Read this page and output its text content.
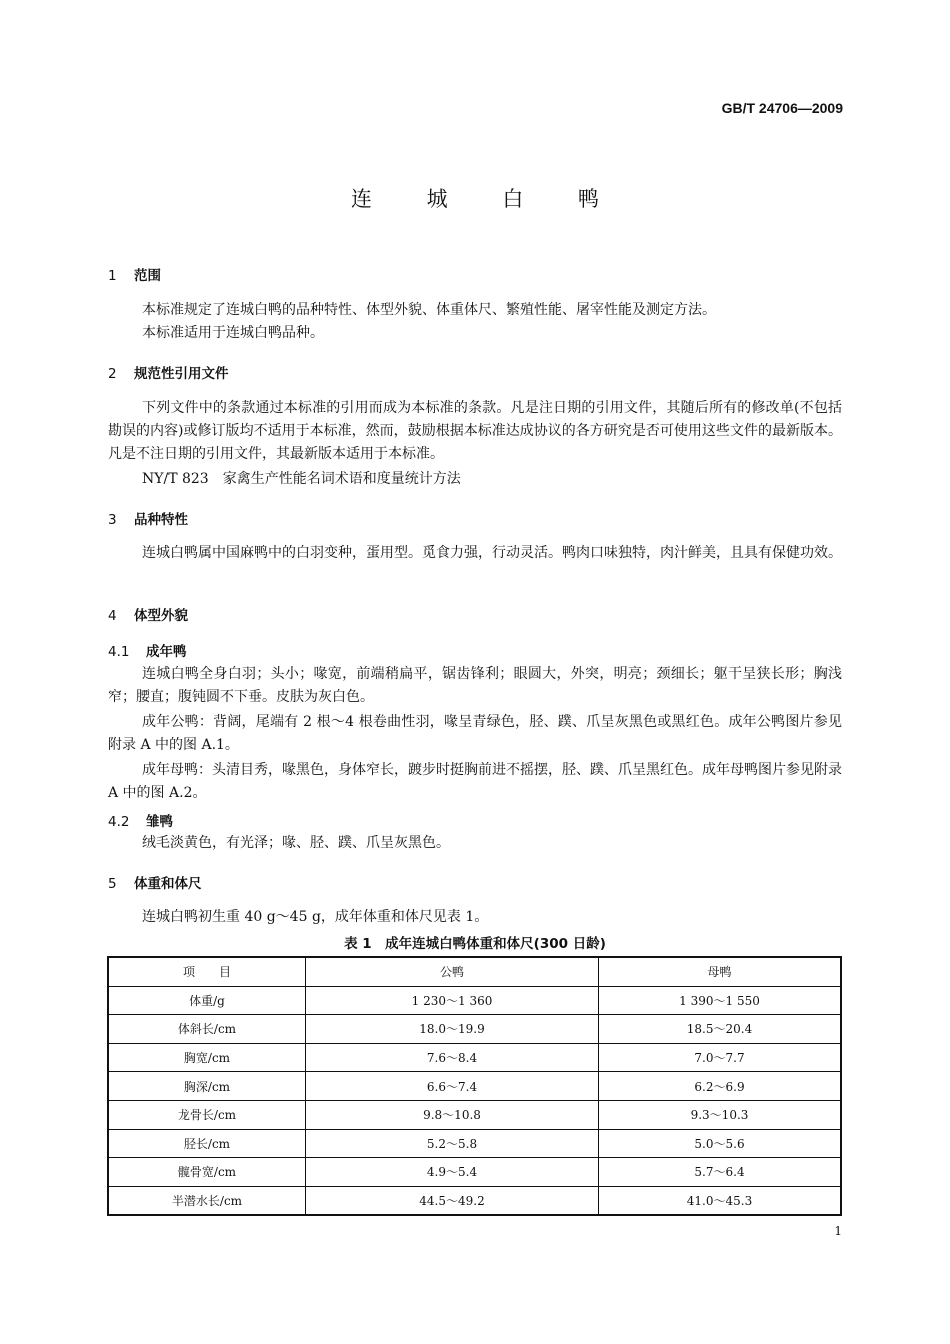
GB/T 24706—2009
连 城 白 鸭
1 范围
本标准规定了连城白鸭的品种特性、体型外貌、体重体尺、繁殖性能、屠宰性能及测定方法。
本标准适用于连城白鸭品种。
2 规范性引用文件
下列文件中的条款通过本标准的引用而成为本标准的条款。凡是注日期的引用文件，其随后所有的修改单(不包括勘误的内容)或修订版均不适用于本标准，然而，鼓励根据本标准达成协议的各方研究是否可使用这些文件的最新版本。凡是不注日期的引用文件，其最新版本适用于本标准。
NY/T 823　家禽生产性能名词术语和度量统计方法
3 品种特性
连城白鸭属中国麻鸭中的白羽变种，蛋用型。觅食力强，行动灵活。鸭肉口味独特，肉汁鲜美，且具有保健功效。
4 体型外貌
4.1 成年鸭
连城白鸭全身白羽；头小；喙宽，前端稍扁平，锯齿锋利；眼圆大，外突，明亮；颈细长；躯干呈狭长形；胸浅窄；腰直；腹钝圆不下垂。皮肤为灰白色。
成年公鸭：背阔，尾端有 2 根～4 根卷曲性羽，喙呈青绿色，胫、蹼、爪呈灰黑色或黑红色。成年公鸭图片参见附录 A 中的图 A.1。
成年母鸭：头清目秀，喙黑色，身体窄长，踱步时挺胸前进不摇摆，胫、蹼、爪呈黑红色。成年母鸭图片参见附录 A 中的图 A.2。
4.2 雏鸭
绒毛淡黄色，有光泽；喙、胫、蹼、爪呈灰黑色。
5 体重和体尺
连城白鸭初生重 40 g～45 g，成年体重和体尺见表 1。
表 1　成年连城白鸭体重和体尺(300 日龄)
项　　目	公鸭	母鸭
体重/g	1 230～1 360	1 390～1 550
体斜长/cm	18.0～19.9	18.5～20.4
胸宽/cm	7.6～8.4	7.0～7.7
胸深/cm	6.6～7.4	6.2～6.9
龙骨长/cm	9.8～10.8	9.3～10.3
胫长/cm	5.2～5.8	5.0～5.6
髋骨宽/cm	4.9～5.4	5.7～6.4
半潜水长/cm	44.5～49.2	41.0～45.3
1
